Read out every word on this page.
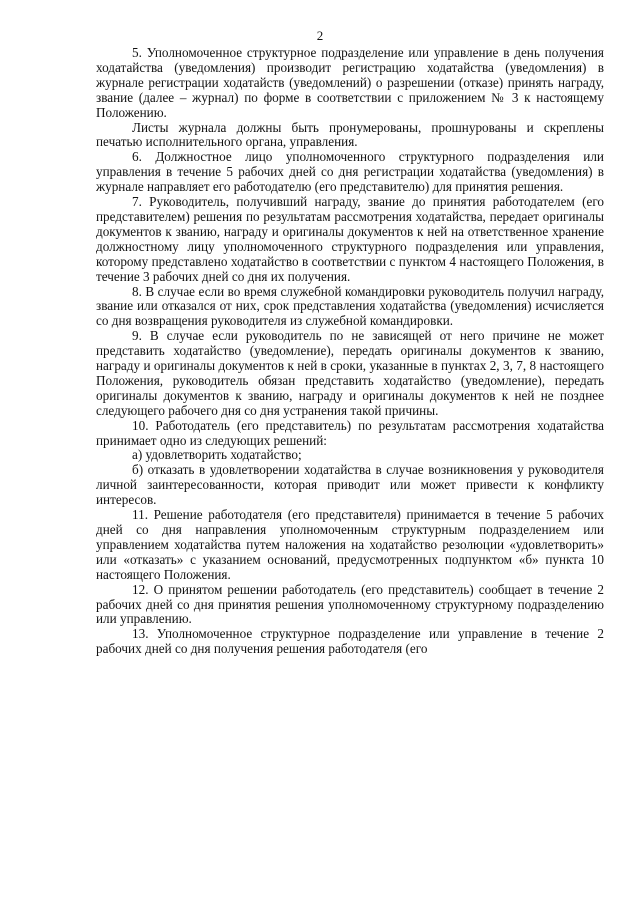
2

5. Уполномоченное структурное подразделение или управление в день получения ходатайства (уведомления) производит регистрацию ходатайства (уведомления) в журнале регистрации ходатайств (уведомлений) о разрешении (отказе) принять награду, звание (далее – журнал) по форме в соответствии с приложением № 3 к настоящему Положению.

Листы журнала должны быть пронумерованы, прошнурованы и скреплены печатью исполнительного органа, управления.

6. Должностное лицо уполномоченного структурного подразделения или управления в течение 5 рабочих дней со дня регистрации ходатайства (уведомления) в журнале направляет его работодателю (его представителю) для принятия решения.

7. Руководитель, получивший награду, звание до принятия работодателем (его представителем) решения по результатам рассмотрения ходатайства, передает оригиналы документов к званию, награду и оригиналы документов к ней на ответственное хранение должностному лицу уполномоченного структурного подразделения или управления, которому представлено ходатайство в соответствии с пунктом 4 настоящего Положения, в течение 3 рабочих дней со дня их получения.

8. В случае если во время служебной командировки руководитель получил награду, звание или отказался от них, срок представления ходатайства (уведомления) исчисляется со дня возвращения руководителя из служебной командировки.

9. В случае если руководитель по не зависящей от него причине не может представить ходатайство (уведомление), передать оригиналы документов к званию, награду и оригиналы документов к ней в сроки, указанные в пунктах 2, 3, 7, 8 настоящего Положения, руководитель обязан представить ходатайство (уведомление), передать оригиналы документов к званию, награду и оригиналы документов к ней не позднее следующего рабочего дня со дня устранения такой причины.

10. Работодатель (его представитель) по результатам рассмотрения ходатайства принимает одно из следующих решений:

а) удовлетворить ходатайство;

б) отказать в удовлетворении ходатайства в случае возникновения у руководителя личной заинтересованности, которая приводит или может привести к конфликту интересов.

11. Решение работодателя (его представителя) принимается в течение 5 рабочих дней со дня направления уполномоченным структурным подразделением или управлением ходатайства путем наложения на ходатайство резолюции «удовлетворить» или «отказать» с указанием оснований, предусмотренных подпунктом «б» пункта 10 настоящего Положения.

12. О принятом решении работодатель (его представитель) сообщает в течение 2 рабочих дней со дня принятия решения уполномоченному структурному подразделению или управлению.

13. Уполномоченное структурное подразделение или управление в течение 2 рабочих дней со дня получения решения работодателя (его
